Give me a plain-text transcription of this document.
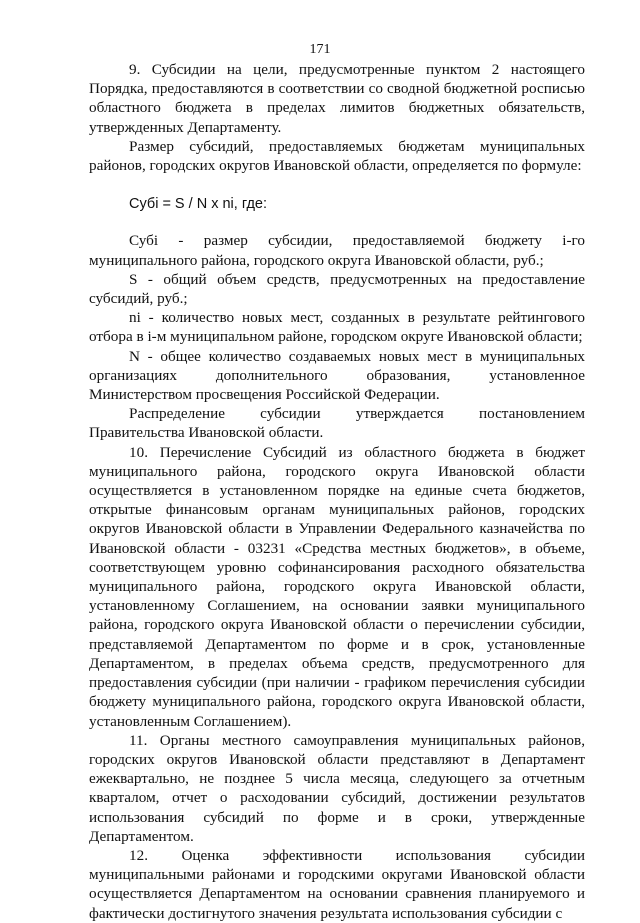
171

9. Субсидии на цели, предусмотренные пунктом 2 настоящего Порядка, предоставляются в соответствии со сводной бюджетной росписью областного бюджета в пределах лимитов бюджетных обязательств, утвержденных Департаменту.

Размер субсидий, предоставляемых бюджетам муниципальных районов, городских округов Ивановской области, определяется по формуле:

Субi = S / N x ni, где:

Субi - размер субсидии, предоставляемой бюджету i-го муниципального района, городского округа Ивановской области, руб.;

S - общий объем средств, предусмотренных на предоставление субсидий, руб.;

ni - количество новых мест, созданных в результате рейтингового отбора в i-м муниципальном районе, городском округе Ивановской области;

N - общее количество создаваемых новых мест в муниципальных организациях дополнительного образования, установленное Министерством просвещения Российской Федерации.

Распределение субсидии утверждается постановлением Правительства Ивановской области.

10. Перечисление Субсидий из областного бюджета в бюджет муниципального района, городского округа Ивановской области осуществляется в установленном порядке на единые счета бюджетов, открытые финансовым органам муниципальных районов, городских округов Ивановской области в Управлении Федерального казначейства по Ивановской области - 03231 «Средства местных бюджетов», в объеме, соответствующем уровню софинансирования расходного обязательства муниципального района, городского округа Ивановской области, установленному Соглашением, на основании заявки муниципального района, городского округа Ивановской области о перечислении субсидии, представляемой Департаментом по форме и в срок, установленные Департаментом, в пределах объема средств, предусмотренного для предоставления субсидии (при наличии - графиком перечисления субсидии бюджету муниципального района, городского округа Ивановской области, установленным Соглашением).

11. Органы местного самоуправления муниципальных районов, городских округов Ивановской области представляют в Департамент ежеквартально, не позднее 5 числа месяца, следующего за отчетным кварталом, отчет о расходовании субсидий, достижении результатов использования субсидий по форме и в сроки, утвержденные Департаментом.

12. Оценка эффективности использования субсидии муниципальными районами и городскими округами Ивановской области осуществляется Департаментом на основании сравнения планируемого и фактически достигнутого значения результата использования субсидии с
